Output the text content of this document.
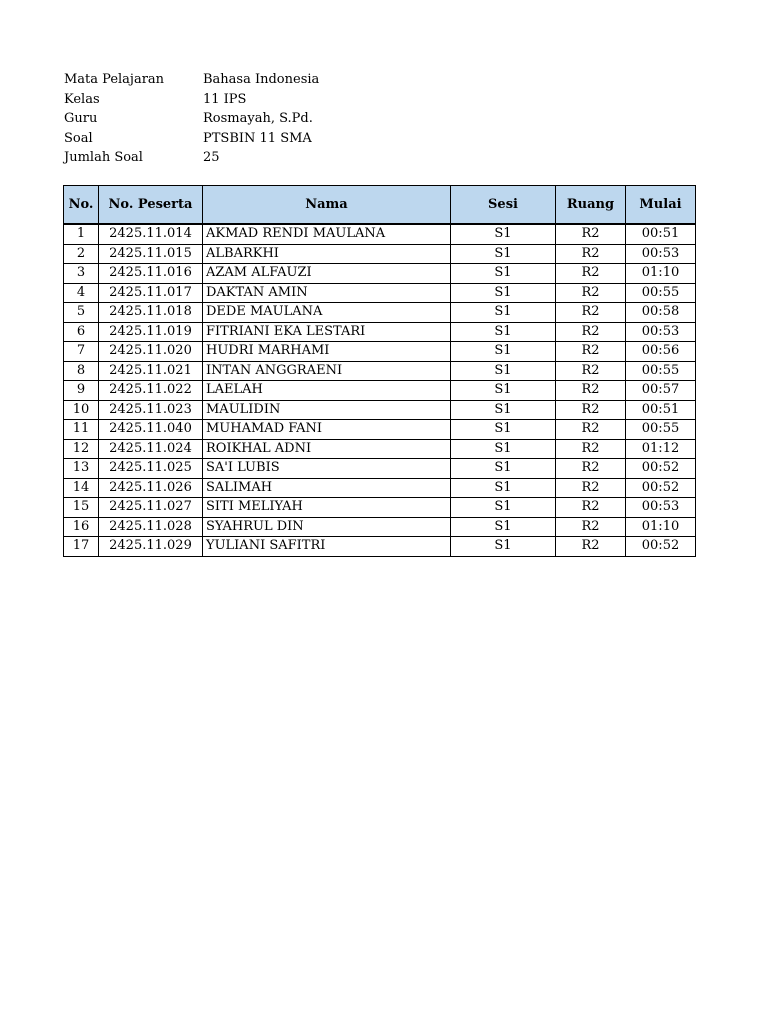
Mata Pelajaran	Bahasa Indonesia
Kelas	11 IPS
Guru	Rosmayah, S.Pd.
Soal	PTSBIN 11 SMA
Jumlah Soal	25
No.	No. Peserta	Nama	Sesi	Ruang	Mulai
1	2425.11.014	AKMAD RENDI MAULANA	S1	R2	00:51
2	2425.11.015	ALBARKHI	S1	R2	00:53
3	2425.11.016	AZAM ALFAUZI	S1	R2	01:10
4	2425.11.017	DAKTAN AMIN	S1	R2	00:55
5	2425.11.018	DEDE MAULANA	S1	R2	00:58
6	2425.11.019	FITRIANI EKA LESTARI	S1	R2	00:53
7	2425.11.020	HUDRI MARHAMI	S1	R2	00:56
8	2425.11.021	INTAN ANGGRAENI	S1	R2	00:55
9	2425.11.022	LAELAH	S1	R2	00:57
10	2425.11.023	MAULIDIN	S1	R2	00:51
11	2425.11.040	MUHAMAD FANI	S1	R2	00:55
12	2425.11.024	ROIKHAL ADNI	S1	R2	01:12
13	2425.11.025	SA'I LUBIS	S1	R2	00:52
14	2425.11.026	SALIMAH	S1	R2	00:52
15	2425.11.027	SITI MELIYAH	S1	R2	00:53
16	2425.11.028	SYAHRUL DIN	S1	R2	01:10
17	2425.11.029	YULIANI SAFITRI	S1	R2	00:52
